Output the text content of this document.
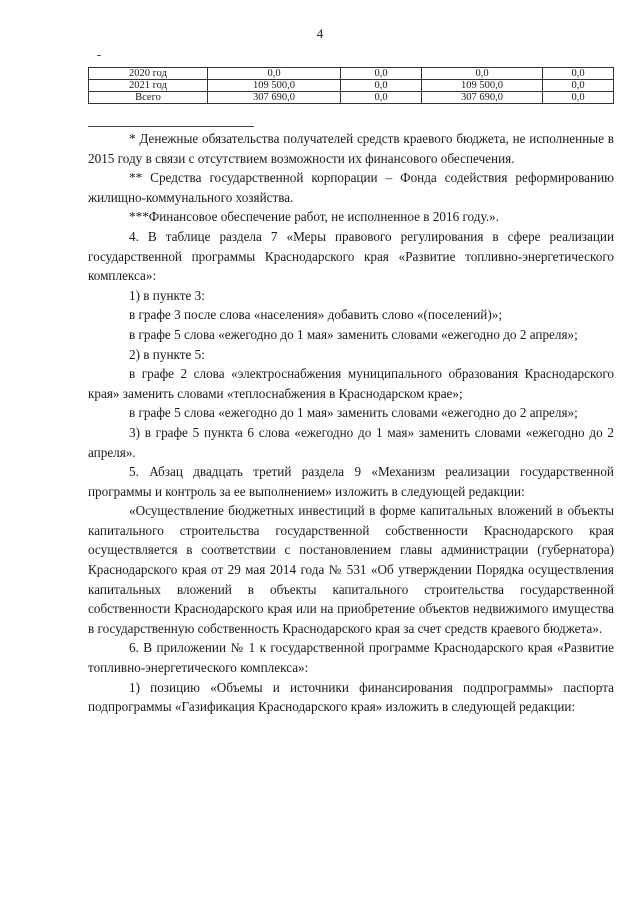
4
2020 год	0,0	0,0	0,0	0,0	
2021 год	109 500,0	0,0	109 500,0	0,0	
Всего	307 690,0	0,0	307 690,0	0,0	

* Денежные обязательства получателей средств краевого бюджета, не исполненные в 2015 году в связи с отсутствием возможности их финансового обеспечения.

** Средства государственной корпорации – Фонда содействия реформированию жилищно-коммунального хозяйства.

***Финансовое обеспечение работ, не исполненное в 2016 году.».

4. В таблице раздела 7 «Меры правового регулирования в сфере реализации государственной программы Краснодарского края «Развитие топливно-энергетического комплекса»:

1) в пункте 3:

в графе 3 после слова «населения» добавить слово «(поселений)»;

в графе 5 слова «ежегодно до 1 мая» заменить словами «ежегодно до 2 апреля»;

2) в пункте 5:

в графе 2 слова «электроснабжения муниципального образования Краснодарского края» заменить словами «теплоснабжения в Краснодарском крае»;

в графе 5 слова «ежегодно до 1 мая» заменить словами «ежегодно до 2 апреля»;

3) в графе 5 пункта 6 слова «ежегодно до 1 мая» заменить словами «ежегодно до 2 апреля».

5. Абзац двадцать третий раздела 9 «Механизм реализации государственной программы и контроль за ее выполнением» изложить в следующей редакции:

«Осуществление бюджетных инвестиций в форме капитальных вложений в объекты капитального строительства государственной собственности Краснодарского края осуществляется в соответствии с постановлением главы администрации (губернатора) Краснодарского края от 29 мая 2014 года № 531 «Об утверждении Порядка осуществления капитальных вложений в объекты капитального строительства государственной собственности Краснодарского края или на приобретение объектов недвижимого имущества в государственную собственность Краснодарского края за счет средств краевого бюджета».

6. В приложении № 1 к государственной программе Краснодарского края «Развитие топливно-энергетического комплекса»:

1) позицию «Объемы и источники финансирования подпрограммы» паспорта подпрограммы «Газификация Краснодарского края» изложить в следующей редакции:
